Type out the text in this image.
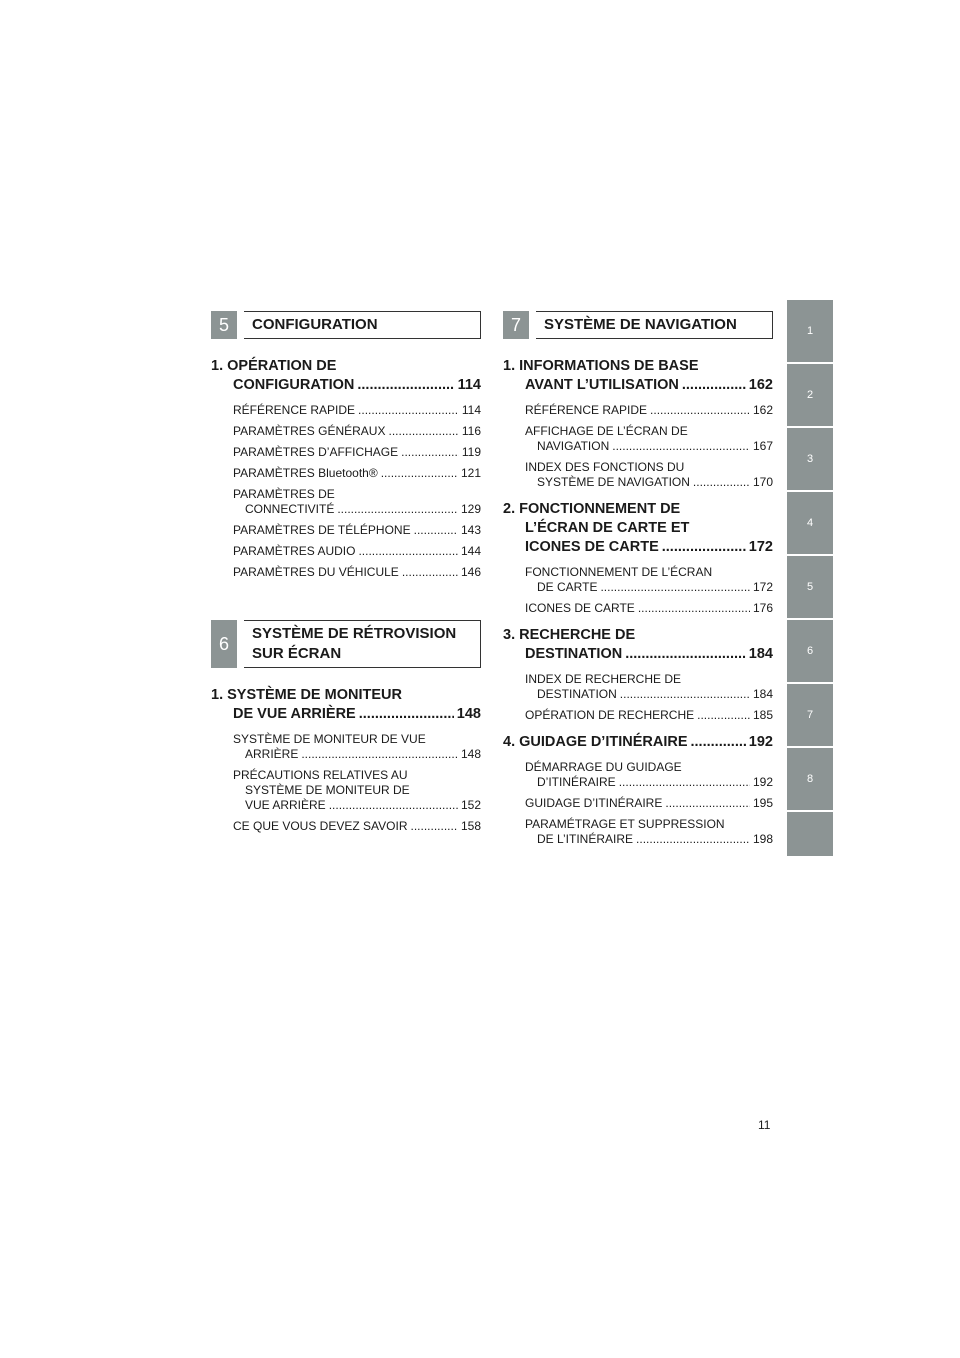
5	CONFIGURATION
1. OPÉRATION DE
CONFIGURATION .....	114
RÉFÉRENCE RAPIDE .....	114
PARAMÈTRES GÉNÉRAUX .....	116
PARAMÈTRES D’AFFICHAGE .....	119
PARAMÈTRES Bluetooth® .....	121
PARAMÈTRES DE
CONNECTIVITÉ .....	129
PARAMÈTRES DE TÉLÉPHONE .....	143
PARAMÈTRES AUDIO .....	144
PARAMÈTRES DU VÉHICULE .....	146
6	SYSTÈME DE RÉTROVISION SUR ÉCRAN
1. SYSTÈME DE MONITEUR
DE VUE ARRIÈRE .....	148
SYSTÈME DE MONITEUR DE VUE
ARRIÈRE .....	148
PRÉCAUTIONS RELATIVES AU
SYSTÈME DE MONITEUR DE
VUE ARRIÈRE .....	152
CE QUE VOUS DEVEZ SAVOIR .....	158
7	SYSTÈME DE NAVIGATION
1. INFORMATIONS DE BASE
AVANT L’UTILISATION .....	162
RÉFÉRENCE RAPIDE .....	162
AFFICHAGE DE L’ÉCRAN DE
NAVIGATION .....	167
INDEX DES FONCTIONS DU
SYSTÈME DE NAVIGATION .....	170
2. FONCTIONNEMENT DE
L’ÉCRAN DE CARTE ET
ICONES DE CARTE .....	172
FONCTIONNEMENT DE L’ÉCRAN
DE CARTE .....	172
ICONES DE CARTE .....	176
3. RECHERCHE DE
DESTINATION .....	184
INDEX DE RECHERCHE DE
DESTINATION .....	184
OPÉRATION DE RECHERCHE .....	185
4. GUIDAGE D’ITINÉRAIRE .....	192
DÉMARRAGE DU GUIDAGE
D’ITINÉRAIRE .....	192
GUIDAGE D’ITINÉRAIRE .....	195
PARAMÉTRAGE ET SUPPRESSION
DE L’ITINÉRAIRE .....	198
1
2
3
4
5
6
7
8
11
